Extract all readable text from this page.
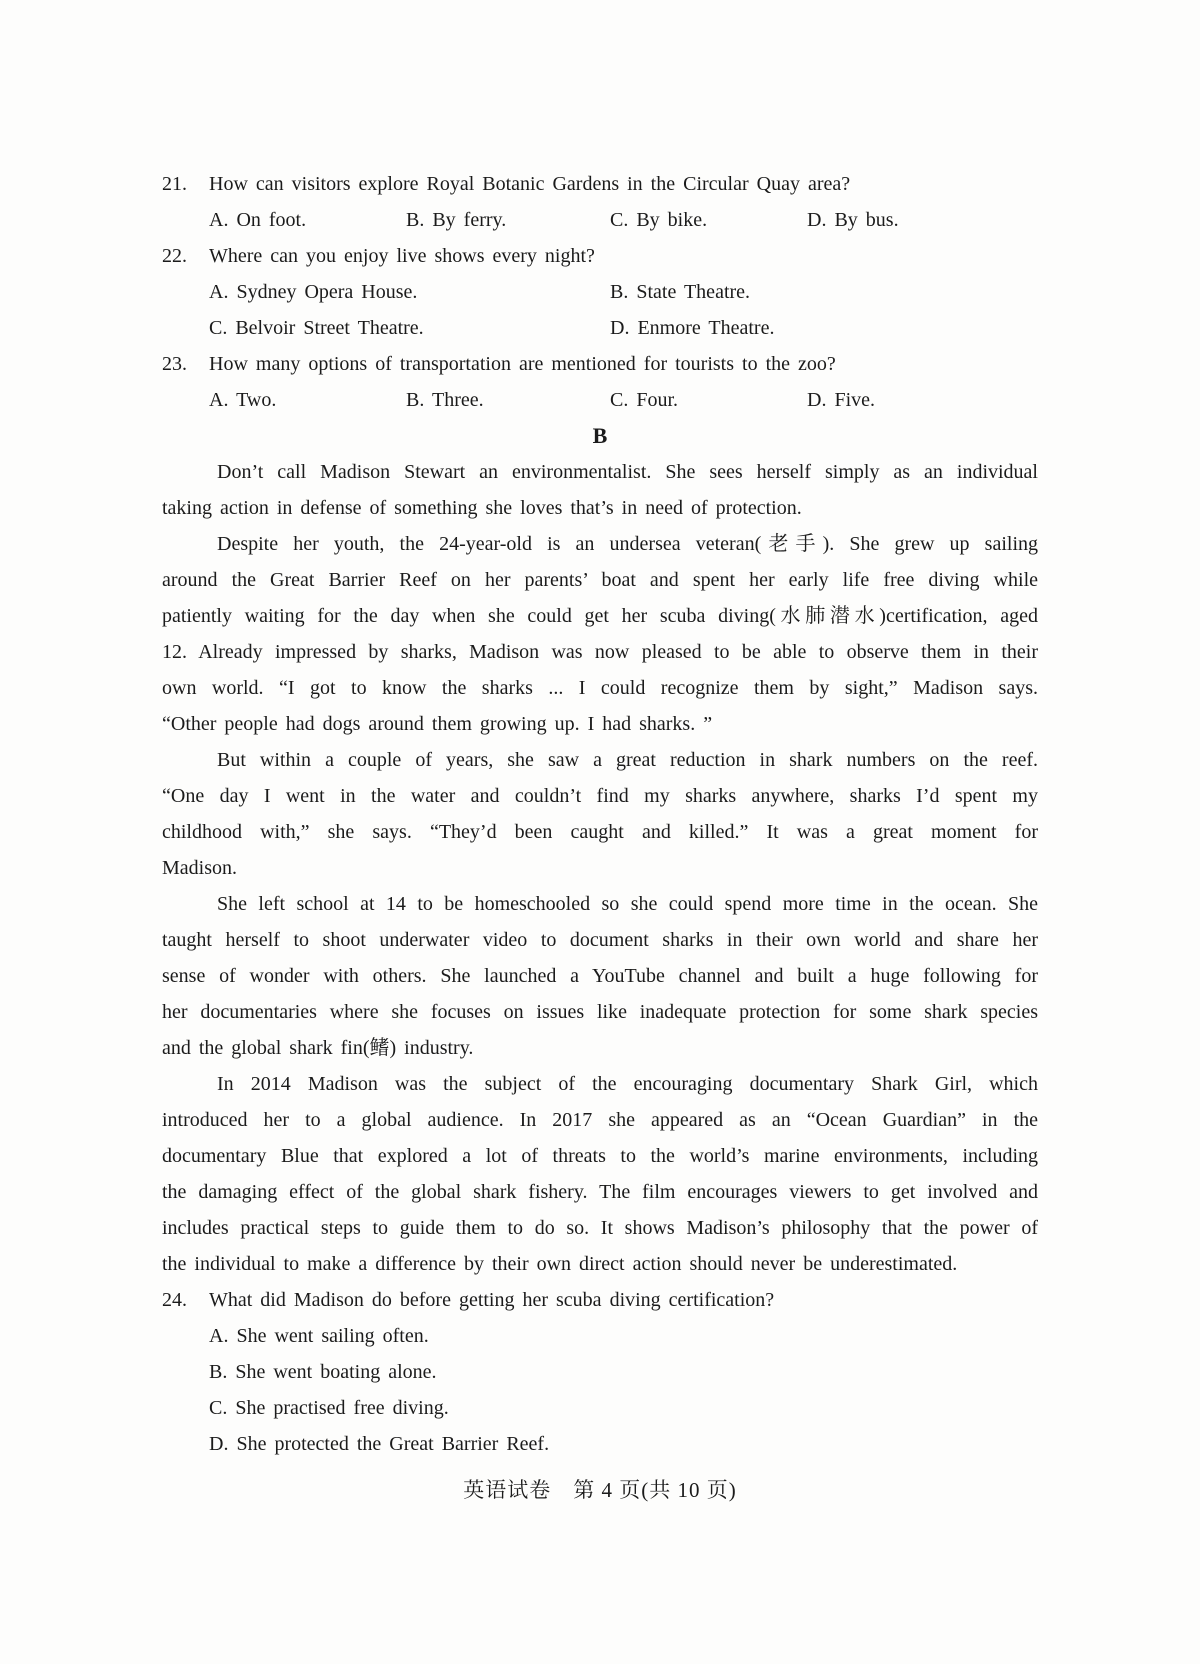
21.	How can visitors explore Royal Botanic Gardens in the Circular Quay area?
A. On foot.	B. By ferry.	C. By bike.	D. By bus.
22.	Where can you enjoy live shows every night?
A. Sydney Opera House.	B. State Theatre.
C. Belvoir Street Theatre.	D. Enmore Theatre.
23.	How many options of transportation are mentioned for tourists to the zoo?
A. Two.	B. Three.	C. Four.	D. Five.
B
Don’t call Madison Stewart an environmentalist. She sees herself simply as an individual
taking action in defense of something she loves that’s in need of protection.
Despite her youth, the 24-year-old is an undersea veteran(老手). She grew up sailing
around the Great Barrier Reef on her parents’ boat and spent her early life free diving while
patiently waiting for the day when she could get her scuba diving(水肺潜水)certification, aged
12. Already impressed by sharks, Madison was now pleased to be able to observe them in their
own world. “I got to know the sharks ... I could recognize them by sight,” Madison says.
“Other people had dogs around them growing up. I had sharks. ”
But within a couple of years, she saw a great reduction in shark numbers on the reef.
“One day I went in the water and couldn’t find my sharks anywhere, sharks I’d spent my
childhood with,” she says. “They’d been caught and killed.” It was a great moment for
Madison.
She left school at 14 to be homeschooled so she could spend more time in the ocean. She
taught herself to shoot underwater video to document sharks in their own world and share her
sense of wonder with others. She launched a YouTube channel and built a huge following for
her documentaries where she focuses on issues like inadequate protection for some shark species
and the global shark fin(鳍) industry.
In 2014 Madison was the subject of the encouraging documentary Shark Girl, which
introduced her to a global audience. In 2017 she appeared as an “Ocean Guardian” in the
documentary Blue that explored a lot of threats to the world’s marine environments, including
the damaging effect of the global shark fishery. The film encourages viewers to get involved and
includes practical steps to guide them to do so. It shows Madison’s philosophy that the power of
the individual to make a difference by their own direct action should never be underestimated.
24.	What did Madison do before getting her scuba diving certification?
A. She went sailing often.
B. She went boating alone.
C. She practised free diving.
D. She protected the Great Barrier Reef.
英语试卷　第 4 页(共 10 页)
